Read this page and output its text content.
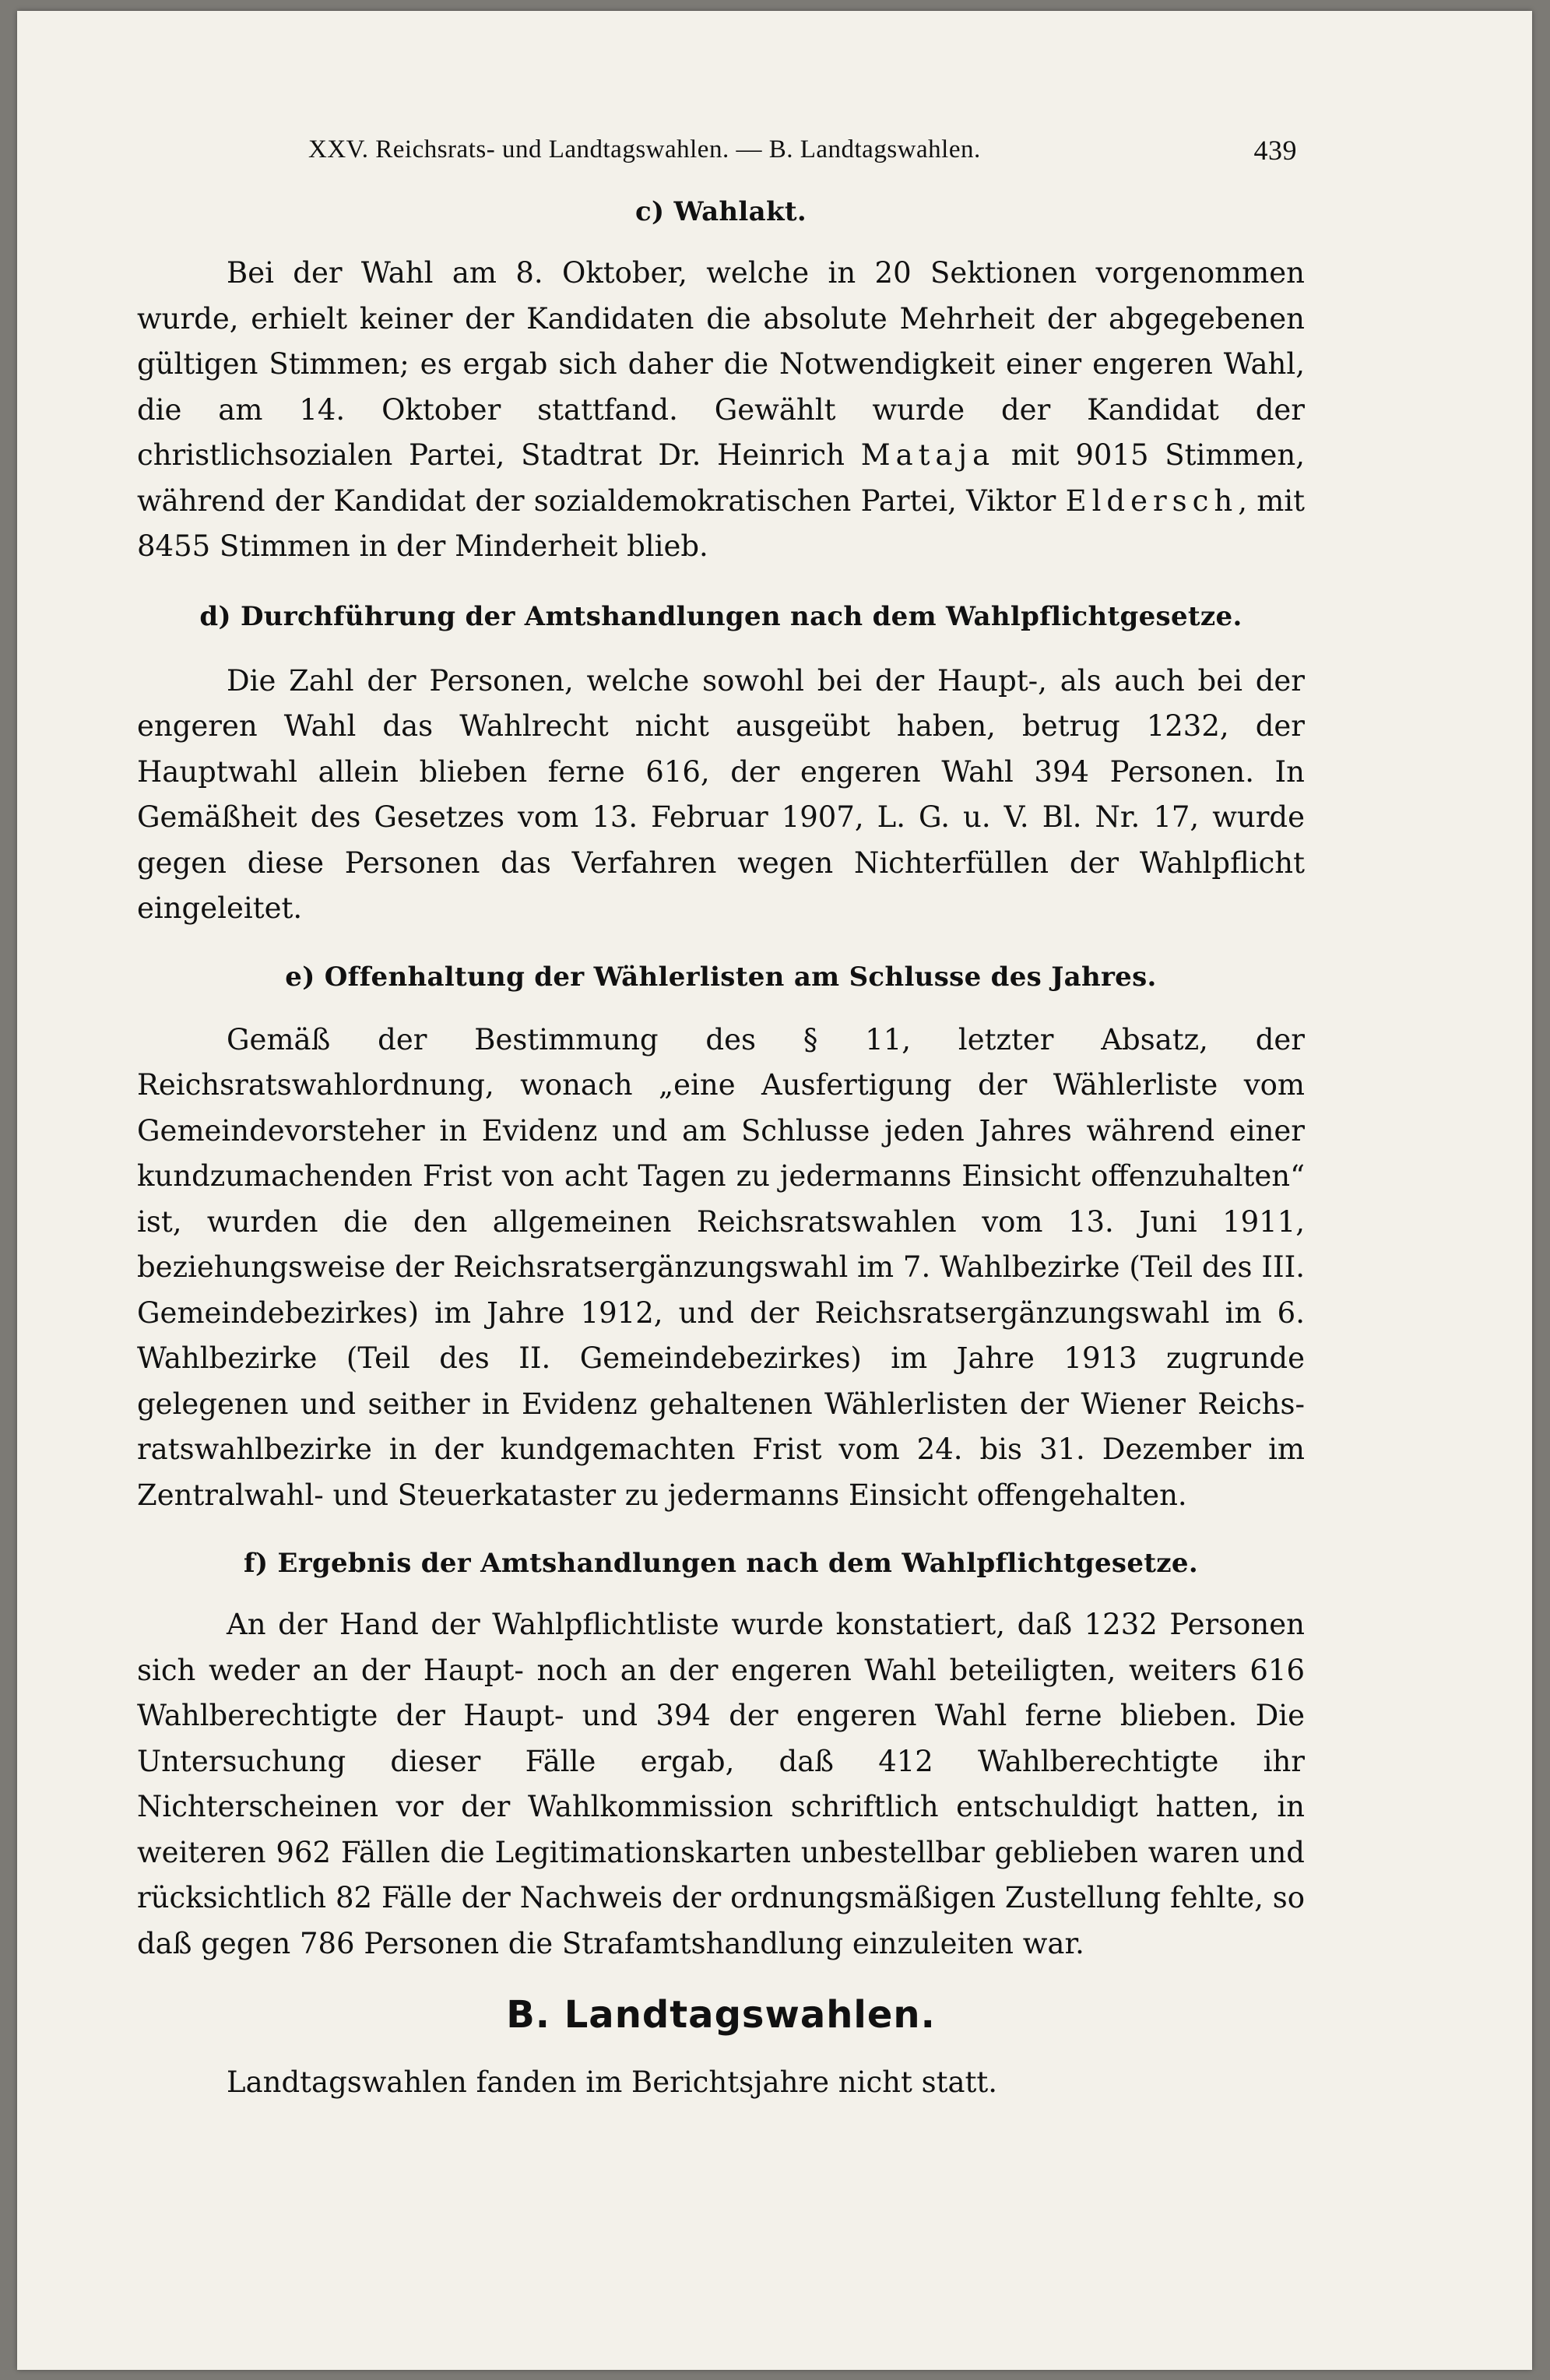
XXV. Reichsrats- und Landtagswahlen. — B. Landtagswahlen.	439
c) Wahlakt.

Bei der Wahl am 8. Oktober, welche in 20 Sektionen vorgenommen wurde, erhielt keiner der Kandidaten die absolute Mehrheit der abgegebenen gültigen Stimmen; es ergab sich daher die Notwendigkeit einer engeren Wahl, die am 14. Oktober stattfand. Gewählt wurde der Kandidat der christlichsozialen Partei, Stadtrat Dr. Heinrich Mataja mit 9015 Stimmen, während der Kandidat der sozialdemokratischen Partei, Viktor Eldersch, mit 8455 Stimmen in der Minderheit blieb.

d) Durchführung der Amtshandlungen nach dem Wahlpflichtgesetze.

Die Zahl der Personen, welche sowohl bei der Haupt-, als auch bei der engeren Wahl das Wahlrecht nicht ausgeübt haben, betrug 1232, der Hauptwahl allein blieben ferne 616, der engeren Wahl 394 Personen. In Gemäßheit des Gesetzes vom 13. Februar 1907, L. G. u. V. Bl. Nr. 17, wurde gegen diese Personen das Verfahren wegen Nichterfüllen der Wahlpflicht eingeleitet.

e) Offenhaltung der Wählerlisten am Schlusse des Jahres.

Gemäß der Bestimmung des § 11, letzter Absatz, der Reichsratswahlordnung, wonach „eine Ausfertigung der Wählerliste vom Gemeindevorsteher in Evidenz und am Schlusse jeden Jahres während einer kundzumachenden Frist von acht Tagen zu jedermanns Einsicht offenzuhalten“ ist, wurden die den allgemeinen Reichsratswahlen vom 13. Juni 1911, beziehungsweise der Reichsratsergänzungswahl im 7. Wahlbezirke (Teil des III. Gemeindebezirkes) im Jahre 1912, und der Reichsratsergänzungswahl im 6. Wahlbezirke (Teil des II. Gemeindebezirkes) im Jahre 1913 zugrunde gelegenen und seither in Evidenz gehaltenen Wählerlisten der Wiener Reichsratswahlbezirke in der kundgemachten Frist vom 24. bis 31. Dezember im Zentralwahl- und Steuerkataster zu jedermanns Einsicht offengehalten.

f) Ergebnis der Amtshandlungen nach dem Wahlpflichtgesetze.

An der Hand der Wahlpflichtliste wurde konstatiert, daß 1232 Personen sich weder an der Haupt- noch an der engeren Wahl beteiligten, weiters 616 Wahlberechtigte der Haupt- und 394 der engeren Wahl ferne blieben. Die Untersuchung dieser Fälle ergab, daß 412 Wahlberechtigte ihr Nichterscheinen vor der Wahlkommission schriftlich entschuldigt hatten, in weiteren 962 Fällen die Legitimationskarten unbestellbar geblieben waren und rücksichtlich 82 Fälle der Nachweis der ordnungsmäßigen Zustellung fehlte, so daß gegen 786 Personen die Strafamtshandlung einzuleiten war.

B. Landtagswahlen.

Landtagswahlen fanden im Berichtsjahre nicht statt.
